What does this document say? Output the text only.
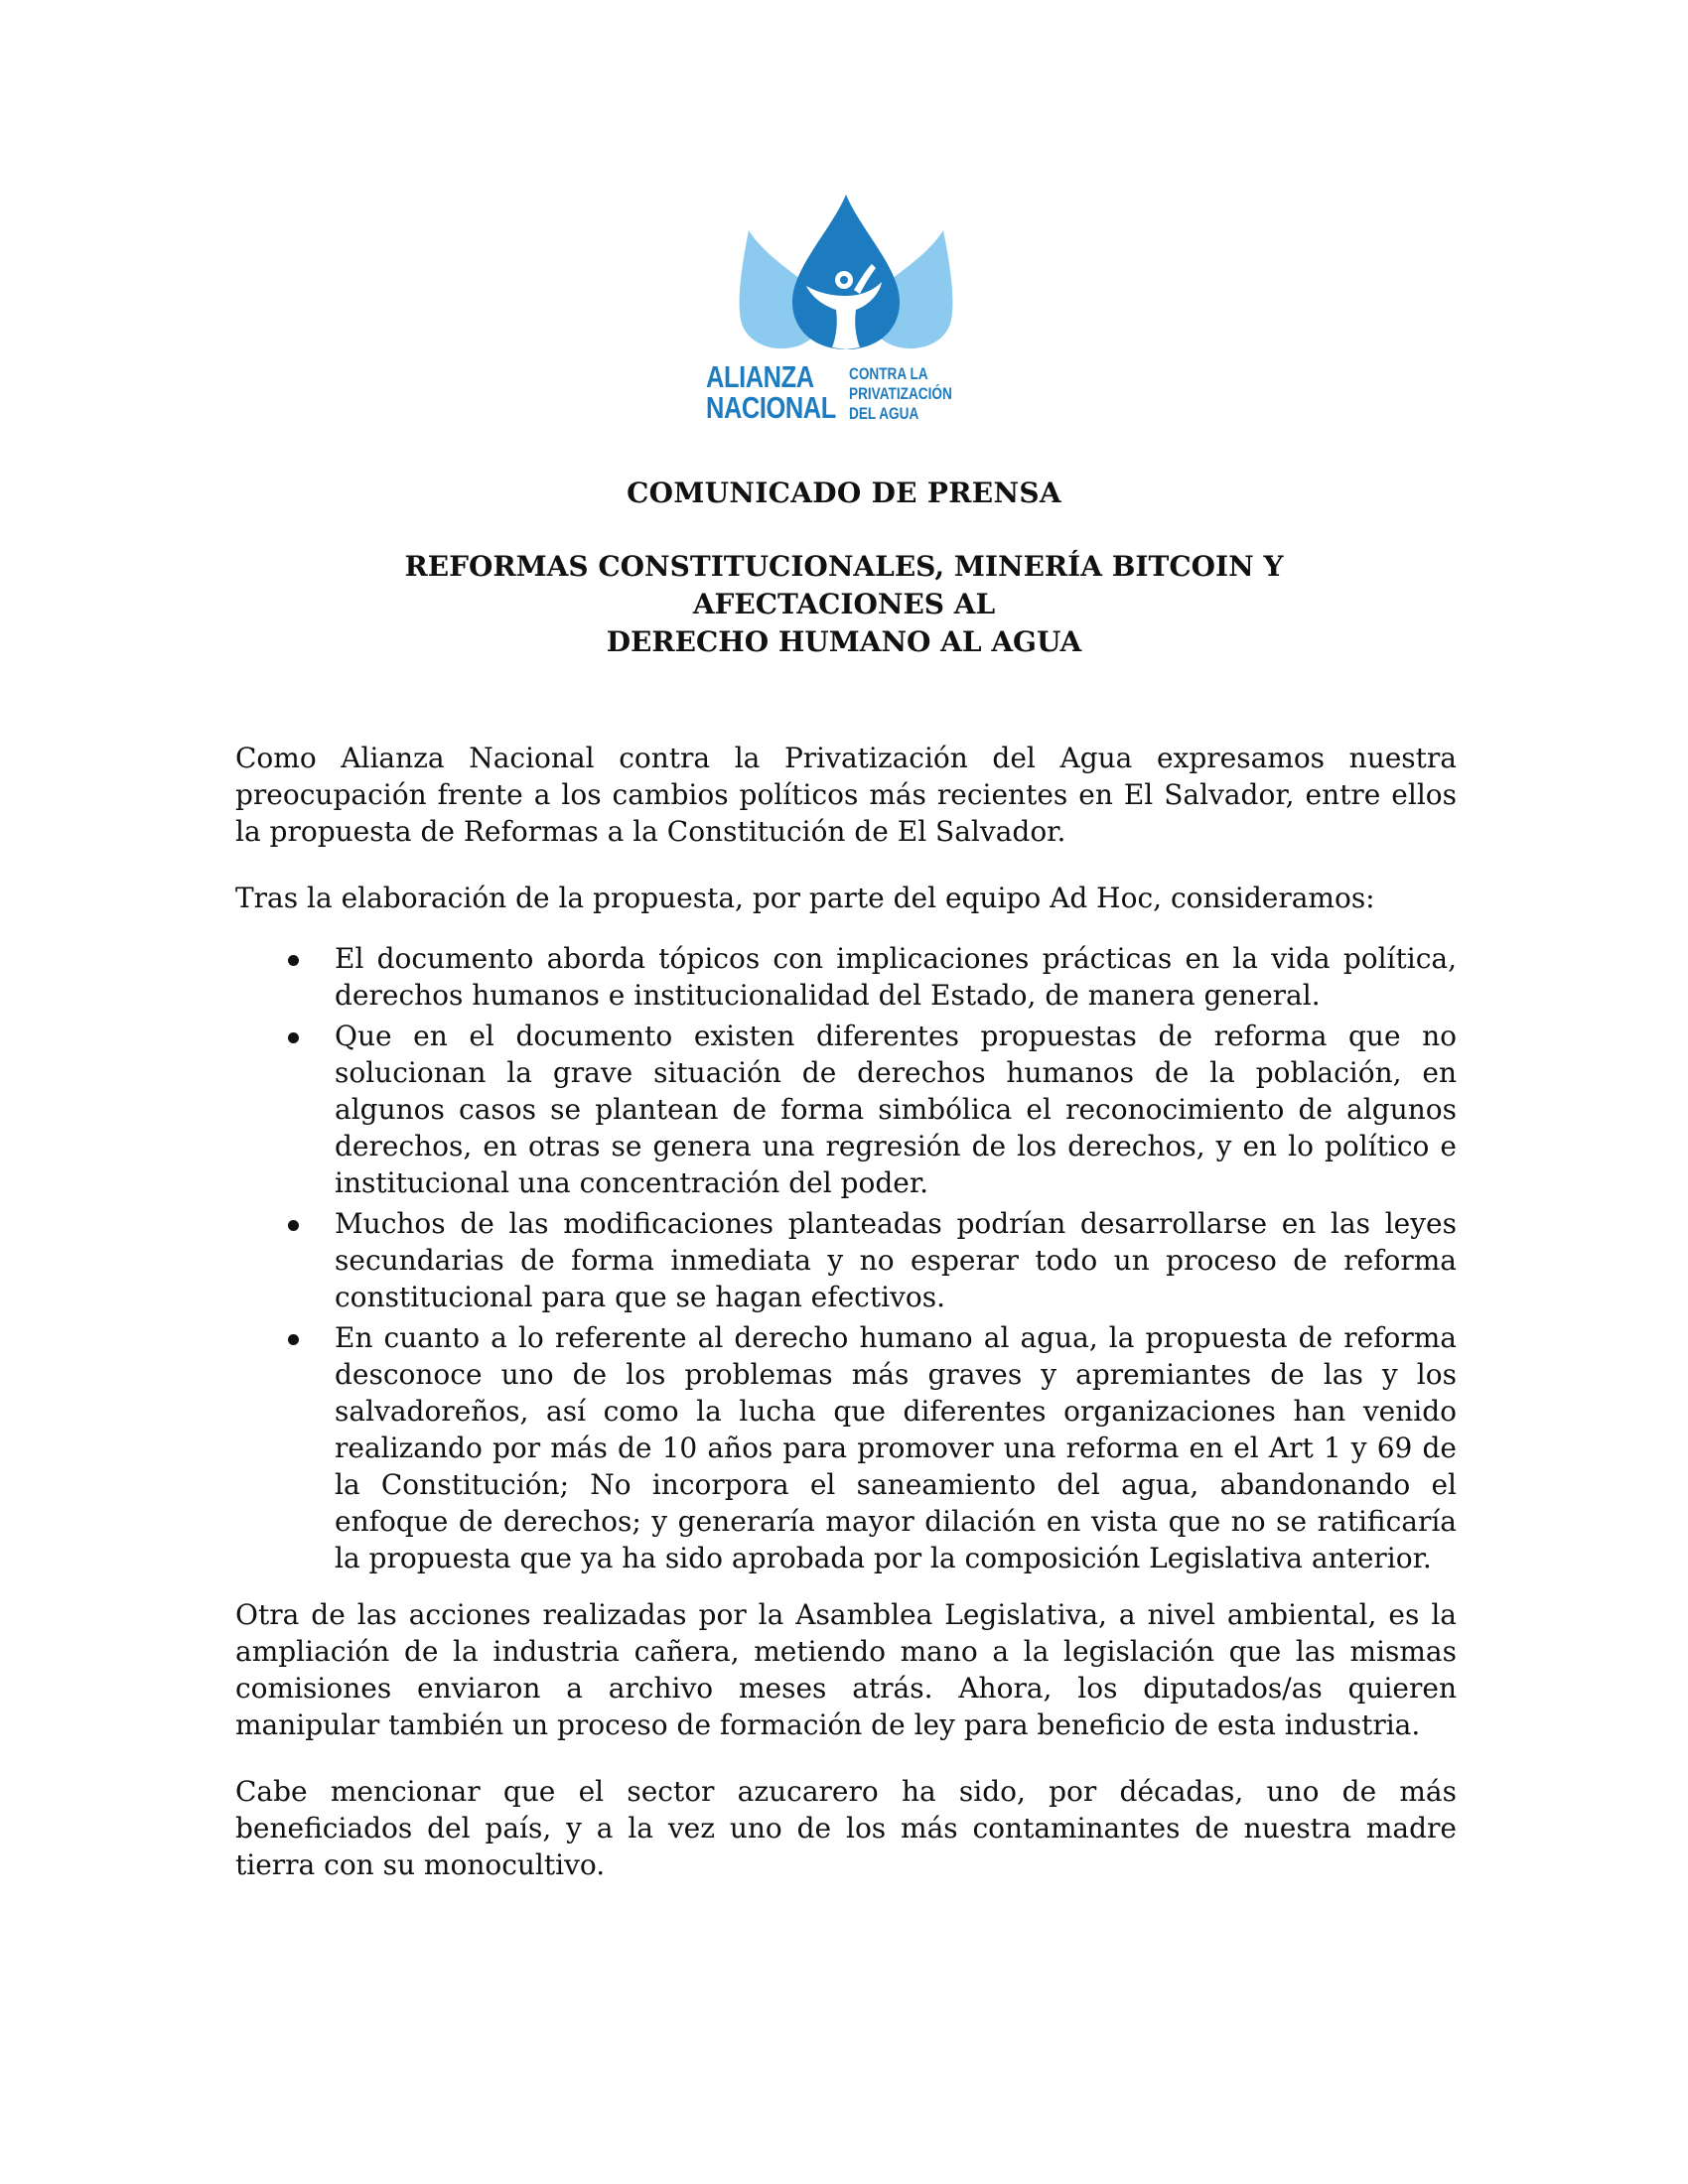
ALIANZA
NACIONAL
CONTRA LA
PRIVATIZACIÓN
DEL AGUA
COMUNICADO DE PRENSA
REFORMAS CONSTITUCIONALES, MINERÍA BITCOIN Y
AFECTACIONES AL
DERECHO HUMANO AL AGUA

Como Alianza Nacional contra la Privatización del Agua expresamos nuestra preocupación frente a los cambios políticos más recientes en El Salvador, entre ellos la propuesta de Reformas a la Constitución de El Salvador.

Tras la elaboración de la propuesta, por parte del equipo Ad Hoc, consideramos:

El documento aborda tópicos con implicaciones prácticas en la vida política, derechos humanos e institucionalidad del Estado, de manera general.
Que en el documento existen diferentes propuestas de reforma que no solucionan la grave situación de derechos humanos de la población, en algunos casos se plantean de forma simbólica el reconocimiento de algunos derechos, en otras se genera una regresión de los derechos, y en lo político e institucional una concentración del poder.
Muchos de las modificaciones planteadas podrían desarrollarse en las leyes secundarias de forma inmediata y no esperar todo un proceso de reforma constitucional para que se hagan efectivos.
En cuanto a lo referente al derecho humano al agua, la propuesta de reforma desconoce uno de los problemas más graves y apremiantes de las y los salvadoreños, así como la lucha que diferentes organizaciones han venido realizando por más de 10 años para promover una reforma en el Art 1 y 69 de la Constitución; No incorpora el saneamiento del agua, abandonando el enfoque de derechos; y generaría mayor dilación en vista que no se ratificaría la propuesta que ya ha sido aprobada por la composición Legislativa anterior.

Otra de las acciones realizadas por la Asamblea Legislativa, a nivel ambiental, es la ampliación de la industria cañera, metiendo mano a la legislación que las mismas comisiones enviaron a archivo meses atrás. Ahora, los diputados/as quieren manipular también un proceso de formación de ley para beneficio de esta industria.

Cabe mencionar que el sector azucarero ha sido, por décadas, uno de más beneficiados del país, y a la vez uno de los más contaminantes de nuestra madre tierra con su monocultivo.
